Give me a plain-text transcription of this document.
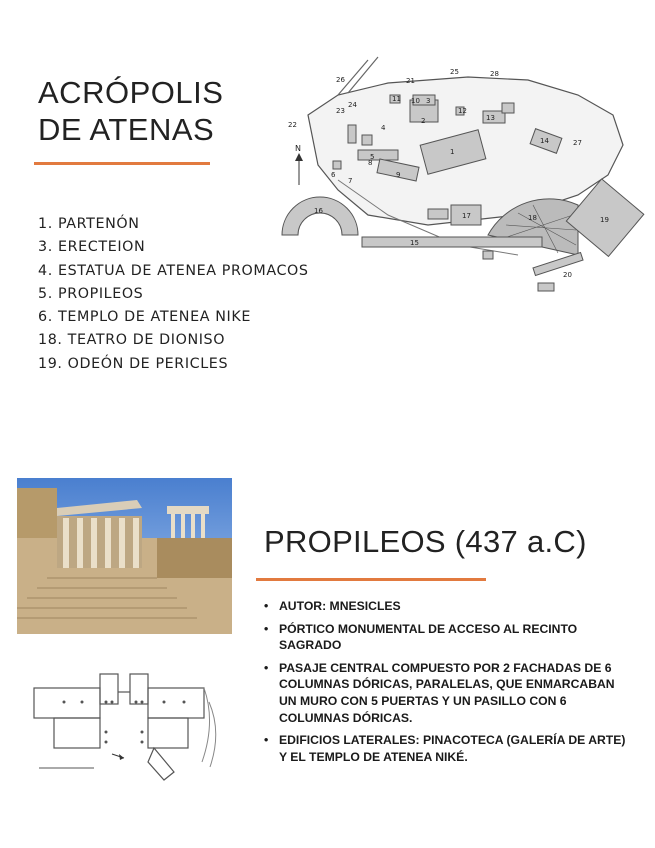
ACRÓPOLIS
DE ATENAS
1. PARTENÓN
3. ERECTEION
4. ESTATUA DE ATENEA PROMACOS
5. PROPILEOS
6. TEMPLO DE ATENEA NIKE
18. TEATRO DE DIONISO
19. ODEÓN DE PERICLES
N	1
2
3
4
5
6
7
8
9
10
11
12
13
14
15
16
17	18	19
20
21
22
23
24
25
26
27
28
PROPILEOS (437 a.C)
• AUTOR: MNESICLES
• PÓRTICO MONUMENTAL DE ACCESO AL RECINTO SAGRADO
• PASAJE CENTRAL COMPUESTO POR 2 FACHADAS DE 6 COLUMNAS DÓRICAS, PARALELAS, QUE ENMARCABAN UN MURO CON 5 PUERTAS Y UN PASILLO CON 6 COLUMNAS DÓRICAS.
• EDIFICIOS LATERALES: PINACOTECA (GALERÍA DE ARTE) Y EL TEMPLO DE ATENEA NIKÉ.
